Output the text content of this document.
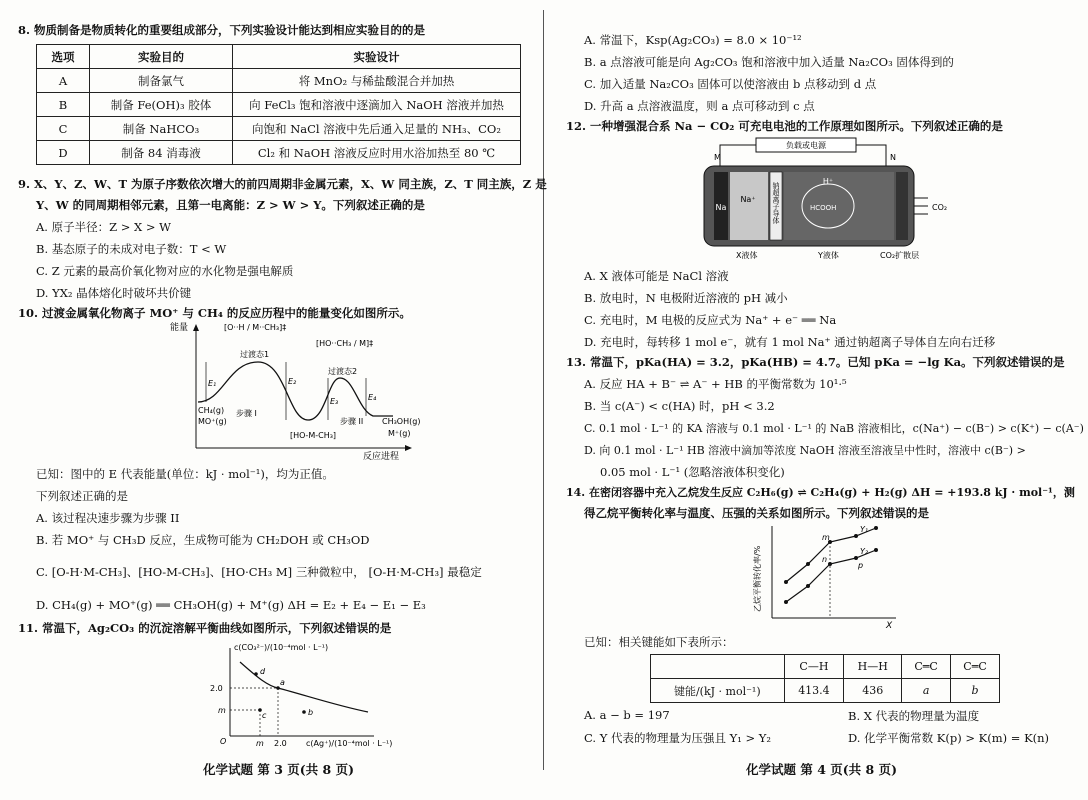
8. 物质制备是物质转化的重要组成部分，下列实验设计能达到相应实验目的的是
选项	实验目的	实验设计
A	制备氯气	将 MnO₂ 与稀盐酸混合并加热
B	制备 Fe(OH)₃ 胶体	向 FeCl₃ 饱和溶液中逐滴加入 NaOH 溶液并加热
C	制备 NaHCO₃	向饱和 NaCl 溶液中先后通入足量的 NH₃、CO₂
D	制备 84 消毒液	Cl₂ 和 NaOH 溶液反应时用水浴加热至 80 ℃
9. X、Y、Z、W、T 为原子序数依次增大的前四周期非金属元素，X、W 同主族，Z、T 同主族，Z 是
Y、W 的同周期相邻元素，且第一电离能：Z > W > Y。下列叙述正确的是
A. 原子半径：Z > X > W
B. 基态原子的未成对电子数：T < W
C. Z 元素的最高价氧化物对应的水化物是强电解质
D. YX₂ 晶体熔化时破坏共价键
10. 过渡金属氧化物离子 MO⁺ 与 CH₄ 的反应历程中的能量变化如图所示。
能量
反应进程
E₁	E₂
E₃	E₄
过渡态1
过渡态2
[O··H / M··CH₃]‡
[HO··CH₃ / M]‡
CH₄(g)
MO⁺(g)
步骤 I
[HO‑M‑CH₃]
步骤 II CH₃OH(g)
M⁺(g)
已知：图中的 E 代表能量(单位：kJ · mol⁻¹)，均为正值。
下列叙述正确的是
A. 该过程决速步骤为步骤 II
B. 若 MO⁺ 与 CH₃D 反应，生成物可能为 CH₂DOH 或 CH₃OD
C. [O‑H·M‑CH₃]、[HO‑M‑CH₃]、[HO·CH₃ M] 三种微粒中， [O‑H·M‑CH₃] 最稳定
D. CH₄(g) + MO⁺(g) ══ CH₃OH(g) + M⁺(g) ΔH = E₂ + E₄ − E₁ − E₃
11. 常温下，Ag₂CO₃ 的沉淀溶解平衡曲线如图所示，下列叙述错误的是
c(CO₃²⁻)/(10⁻⁴mol · L⁻¹)
c(Ag⁺)/(10⁻⁴mol · L⁻¹)
2.0
m
2.0
m
O
a
b
c
d
化学试题 第 3 页(共 8 页)
A. 常温下，Ksp(Ag₂CO₃) = 8.0 × 10⁻¹²
B. a 点溶液可能是向 Ag₂CO₃ 饱和溶液中加入适量 Na₂CO₃ 固体得到的
C. 加入适量 Na₂CO₃ 固体可以使溶液由 b 点移动到 d 点
D. 升高 a 点溶液温度，则 a 点可移动到 c 点
12. 一种增强混合系 Na − CO₂ 可充电电池的工作原理如图所示。下列叙述正确的是
负载或电源
M	N
Na
Na⁺ 钠超离子导体
H⁺
HCOOH	CO₂
X液体	Y液体	CO₂扩散层
A. X 液体可能是 NaCl 溶液
B. 放电时，N 电极附近溶液的 pH 减小
C. 充电时，M 电极的反应式为 Na⁺ + e⁻ ══ Na
D. 充电时，每转移 1 mol e⁻，就有 1 mol Na⁺ 通过钠超离子导体自左向右迁移
13. 常温下，pKa(HA) = 3.2，pKa(HB) = 4.7。已知 pKa = −lg Ka。下列叙述错误的是
A. 反应 HA + B⁻ ⇌ A⁻ + HB 的平衡常数为 10¹·⁵
B. 当 c(A⁻) < c(HA) 时，pH < 3.2
C. 0.1 mol · L⁻¹ 的 KA 溶液与 0.1 mol · L⁻¹ 的 NaB 溶液相比，c(Na⁺) − c(B⁻) > c(K⁺) − c(A⁻)
D. 向 0.1 mol · L⁻¹ HB 溶液中滴加等浓度 NaOH 溶液至溶液呈中性时，溶液中 c(B⁻) >
0.05 mol · L⁻¹ (忽略溶液体积变化)
14. 在密闭容器中充入乙烷发生反应 C₂H₆(g) ⇌ C₂H₄(g) + H₂(g) ΔH = +193.8 kJ · mol⁻¹，测
得乙烷平衡转化率与温度、压强的关系如图所示。下列叙述错误的是
乙烷平衡转化率/%
X
Y₁
Y₂
m
n
p
已知：相关键能如下表所示：
	C—H	H—H	C═C	C═C
键能/(kJ · mol⁻¹)	413.4	436	a	b
A. a − b = 197	B. X 代表的物理量为温度
C. Y 代表的物理量为压强且 Y₁ > Y₂	D. 化学平衡常数 K(p) > K(m) = K(n)
化学试题 第 4 页(共 8 页)
